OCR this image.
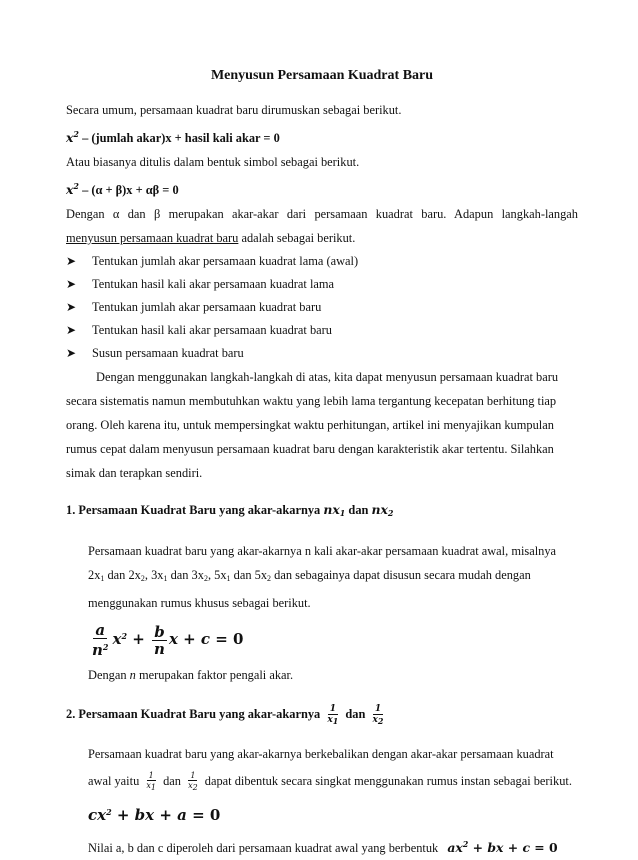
Menyusun Persamaan Kuadrat Baru

Secara umum, persamaan kuadrat baru dirumuskan sebagai berikut.

$x^2$ – (jumlah akar)x + hasil kali akar = 0

Atau biasanya ditulis dalam bentuk simbol sebagai berikut.

$x^2 - (\alpha + \beta)x + \alpha\beta = 0$

Dengan α dan β merupakan akar-akar dari persamaan kuadrat baru. Adapun langkah-langah

menyusun persamaan kuadrat baru adalah sebagai berikut.

➤	Tentukan jumlah akar persamaan kuadrat lama (awal)
➤	Tentukan hasil kali akar persamaan kuadrat lama
➤	Tentukan jumlah akar persamaan kuadrat baru
➤	Tentukan hasil kali akar persamaan kuadrat baru
➤	Susun persamaan kuadrat baru

Dengan menggunakan langkah-langkah di atas, kita dapat menyusun persamaan kuadrat baru

secara sistematis namun membutuhkan waktu yang lebih lama tergantung kecepatan berhitung tiap

orang. Oleh karena itu, untuk mempersingkat waktu perhitungan, artikel ini menyajikan kumpulan

rumus cepat dalam menyusun persamaan kuadrat baru dengan karakteristik akar tertentu. Silahkan

simak dan terapkan sendiri.

1. Persamaan Kuadrat Baru yang akar-akarnya $nx_1$ dan $nx_2$

Persamaan kuadrat baru yang akar-akarnya n kali akar-akar persamaan kuadrat awal, misalnya

$2x_1$ dan $2x_2$, $3x_1$ dan $3x_2$, $5x_1$ dan $5x_2$ dan sebagainya dapat disusun secara mudah dengan

menggunakan rumus khusus sebagai berikut.

$\frac{a}{n^2} x^2 + \frac{b}{n}$ x + c = 0

Dengan n merupakan faktor pengali akar.

2. Persamaan Kuadrat Baru yang akar-akarnya $\frac{1}{x_1}$ dan $\frac{1}{x_2}$

Persamaan kuadrat baru yang akar-akarnya berkebalikan dengan akar-akar persamaan kuadrat

awal yaitu $\frac{1}{x_1}$ dan $\frac{1}{x_2}$ dapat dibentuk secara singkat menggunakan rumus instan sebagai berikut.

$cx^2$ + bx + a = 0

Nilai a, b dan c diperoleh dari persamaan kuadrat awal yang berbentuk $ax^2$ + bx + c = 0
